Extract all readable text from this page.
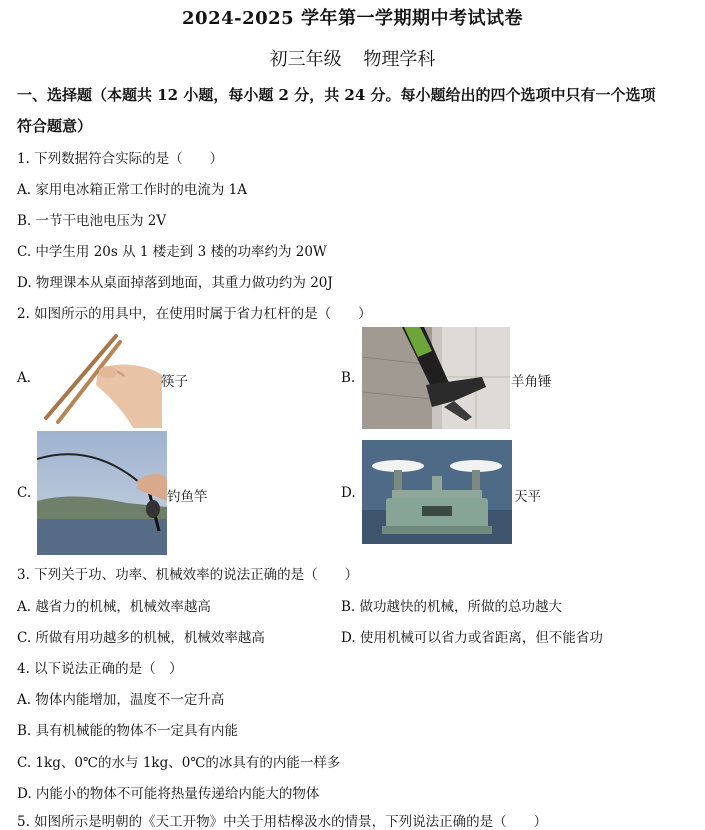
2024-2025 学年第一学期期中考试试卷
初三年级 物理学科
一、选择题（本题共 12 小题，每小题 2 分，共 24 分。每小题给出的四个选项中只有一个选项
符合题意）
1. 下列数据符合实际的是（　　）
A. 家用电冰箱正常工作时的电流为 1A
B. 一节干电池电压为 2V
C. 中学生用 20s 从 1 楼走到 3 楼的功率约为 20W
D. 物理课本从桌面掉落到地面，其重力做功约为 20J
2. 如图所示的用具中，在使用时属于省力杠杆的是（　　）
A.	筷子	B.	羊角锤
C.	钓鱼竿	D.	天平
3. 下列关于功、功率、机械效率的说法正确的是（　　）
A. 越省力的机械，机械效率越高	B. 做功越快的机械，所做的总功越大
C. 所做有用功越多的机械，机械效率越高	D. 使用机械可以省力或省距离，但不能省功
4. 以下说法正确的是（　）
A. 物体内能增加，温度不一定升高
B. 具有机械能的物体不一定具有内能
C. 1kg、0℃的水与 1kg、0℃的冰具有的内能一样多
D. 内能小的物体不可能将热量传递给内能大的物体
5. 如图所示是明朝的《天工开物》中关于用桔槔汲水的情景，下列说法正确的是（　　）
